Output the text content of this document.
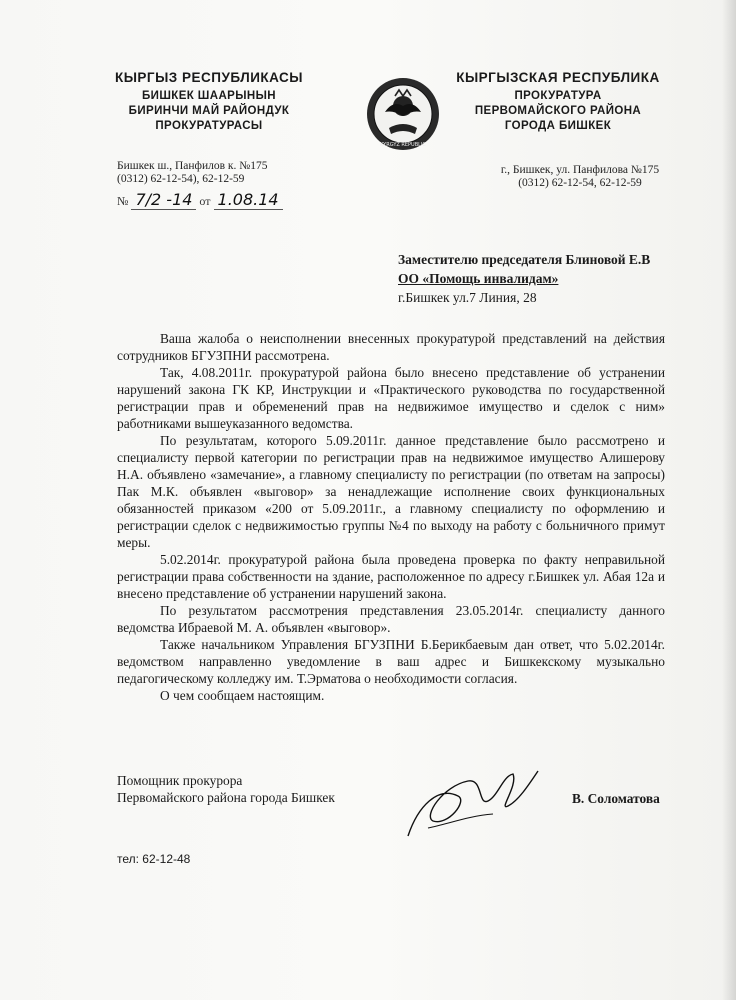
КЫРГЫЗ РЕСПУБЛИКАСЫ
БИШКЕК ШААРЫНЫН
БИРИНЧИ МАЙ РАЙОНДУК
ПРОКУРАТУРАСЫ
KYRGYZ REPUBLIC
КЫРГЫЗСКАЯ РЕСПУБЛИКА
ПРОКУРАТУРА
ПЕРВОМАЙСКОГО РАЙОНА
ГОРОДА БИШКЕК
Бишкек ш., Панфилов к. №175
(0312) 62-12-54), 62-12-59
г., Бишкек, ул. Панфилова №175
(0312) 62-12-54, 62-12-59
№ 7/2 -14 от 1.08.14
Заместителю председателя Блиновой Е.В
ОО «Помощь инвалидам»
г.Бишкек ул.7 Линия, 28

Ваша жалоба о неисполнении внесенных прокуратурой представлений на действия сотрудников БГУЗПНИ рассмотрена.

Так, 4.08.2011г. прокуратурой района было внесено представление об устранении нарушений закона ГК КР, Инструкции и «Практического руководства по государственной регистрации прав и обременений прав на недвижимое имущество и сделок с ним» работниками вышеуказанного ведомства.

По результатам, которого 5.09.2011г. данное представление было рассмотрено и специалисту первой категории по регистрации прав на недвижимое имущество Алишерову Н.А. объявлено «замечание», а главному специалисту по регистрации (по ответам на запросы) Пак М.К. объявлен «выговор» за ненадлежащие исполнение своих функциональных обязанностей приказом «200 от 5.09.2011г., а главному специалисту по оформлению и регистрации сделок с недвижимостью группы №4 по выходу на работу с больничного примут меры.

5.02.2014г. прокуратурой района была проведена проверка по факту неправильной регистрации права собственности на здание, расположенное по адресу г.Бишкек ул. Абая 12а и внесено представление об устранении нарушений закона.

По результатом рассмотрения представления 23.05.2014г. специалисту данного ведомства Ибраевой М. А. объявлен «выговор».

Также начальником Управления БГУЗПНИ Б.Берикбаевым дан ответ, что 5.02.2014г. ведомством направленно уведомление в ваш адрес и Бишкекскому музыкально педагогическому колледжу им. Т.Эрматова о необходимости согласия.

О чем сообщаем настоящим.

Помощник прокурора
Первомайского района города Бишкек	В. Соломатова
тел: 62-12-48
